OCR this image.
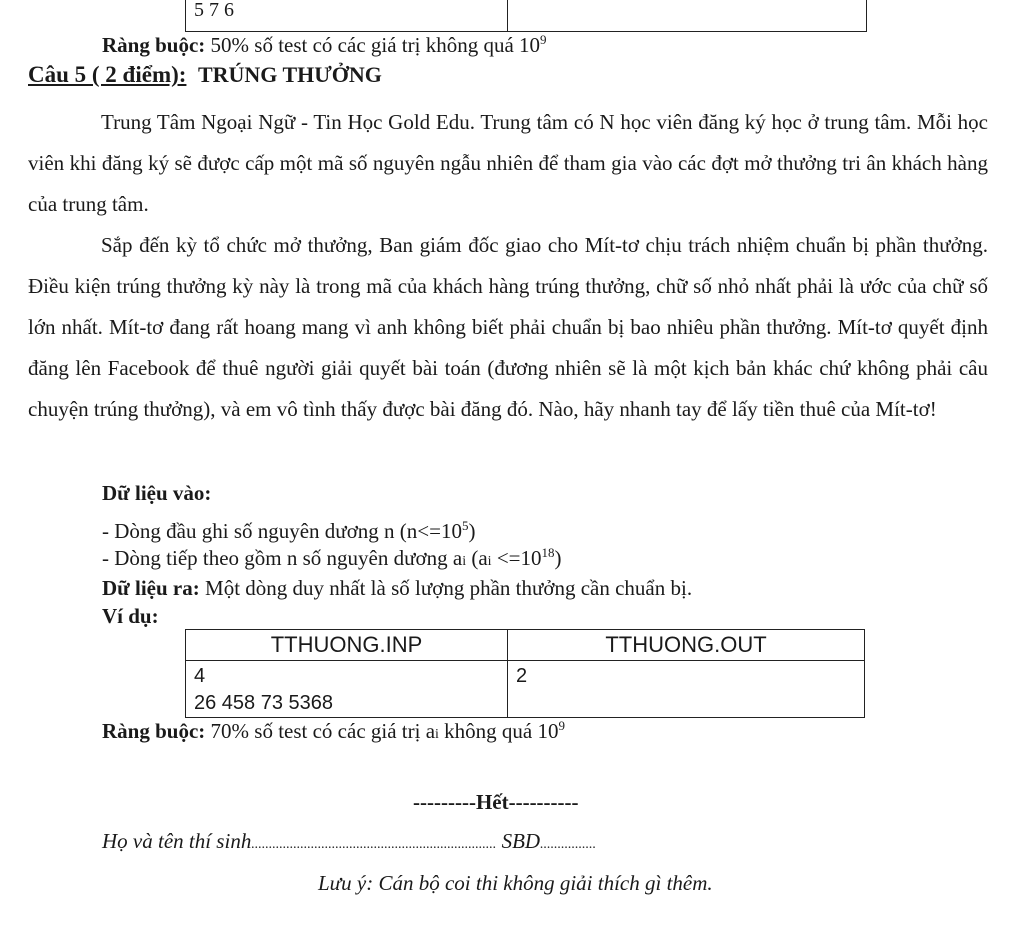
5 7 6	
Ràng buộc: 50% số test có các giá trị không quá $10^9$
Câu 5 ( 2 điểm): TRÚNG THƯỞNG
Trung Tâm Ngoại Ngữ - Tin Học Gold Edu. Trung tâm có N học viên đăng ký học ở trung tâm. Mỗi học viên khi đăng ký sẽ được cấp một mã số nguyên ngẫu nhiên để tham gia vào các đợt mở thưởng tri ân khách hàng của trung tâm.
Sắp đến kỳ tổ chức mở thưởng, Ban giám đốc giao cho Mít-tơ chịu trách nhiệm chuẩn bị phần thưởng. Điều kiện trúng thưởng kỳ này là trong mã của khách hàng trúng thưởng, chữ số nhỏ nhất phải là ước của chữ số lớn nhất. Mít-tơ đang rất hoang mang vì anh không biết phải chuẩn bị bao nhiêu phần thưởng. Mít-tơ quyết định đăng lên Facebook để thuê người giải quyết bài toán (đương nhiên sẽ là một kịch bản khác chứ không phải câu chuyện trúng thưởng), và em vô tình thấy được bài đăng đó. Nào, hãy nhanh tay để lấy tiền thuê của Mít-tơ!
Dữ liệu vào:
- Dòng đầu ghi số nguyên dương n $(n<=10^5)$
- Dòng tiếp theo gồm n số nguyên dương ai $(ai <=10^{18})$
Dữ liệu ra: Một dòng duy nhất là số lượng phần thưởng cần chuẩn bị.
Ví dụ:
TTHUONG.INP	TTHUONG.OUT

4
26 458 73 5368	2
Ràng buộc: 70% số test có các giá trị ai không quá $10^9$
---------Hết----------
Họ và tên thí sinh...................................................................... SBD................
Lưu ý: Cán bộ coi thi không giải thích gì thêm.
